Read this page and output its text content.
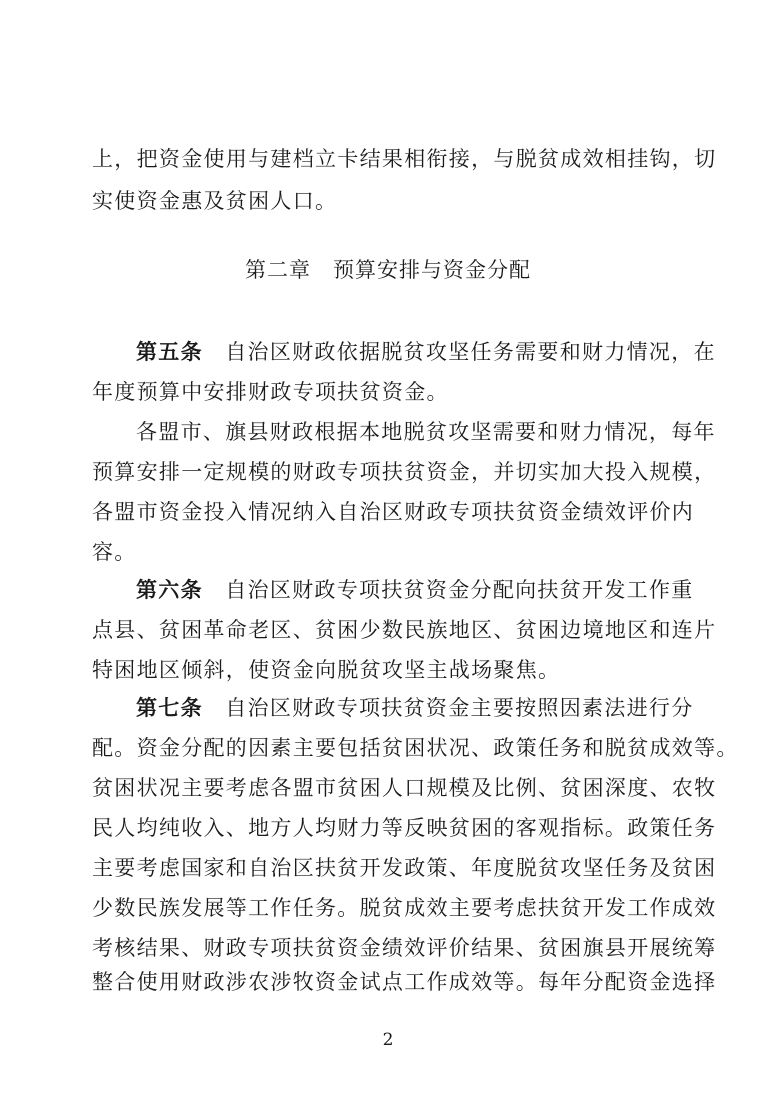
上，把资金使用与建档立卡结果相衔接，与脱贫成效相挂钩，切
实使资金惠及贫困人口。
第二章 预算安排与资金分配
第五条　 自治区财政依据脱贫攻坚任务需要和财力情况，在
年度预算中安排财政专项扶贫资金。
各盟市、旗县财政根据本地脱贫攻坚需要和财力情况，每年
预算安排一定规模的财政专项扶贫资金，并切实加大投入规模，
各盟市资金投入情况纳入自治区财政专项扶贫资金绩效评价内
容。
第六条　 自治区财政专项扶贫资金分配向扶贫开发工作重
点县、贫困革命老区、贫困少数民族地区、贫困边境地区和连片
特困地区倾斜，使资金向脱贫攻坚主战场聚焦。
第七条　 自治区财政专项扶贫资金主要按照因素法进行分
配。资金分配的因素主要包括贫困状况、政策任务和脱贫成效等。
贫困状况主要考虑各盟市贫困人口规模及比例、贫困深度、农牧
民人均纯收入、地方人均财力等反映贫困的客观指标。政策任务
主要考虑国家和自治区扶贫开发政策、年度脱贫攻坚任务及贫困
少数民族发展等工作任务。脱贫成效主要考虑扶贫开发工作成效
考核结果、财政专项扶贫资金绩效评价结果、贫困旗县开展统筹
整合使用财政涉农涉牧资金试点工作成效等。每年分配资金选择
2
